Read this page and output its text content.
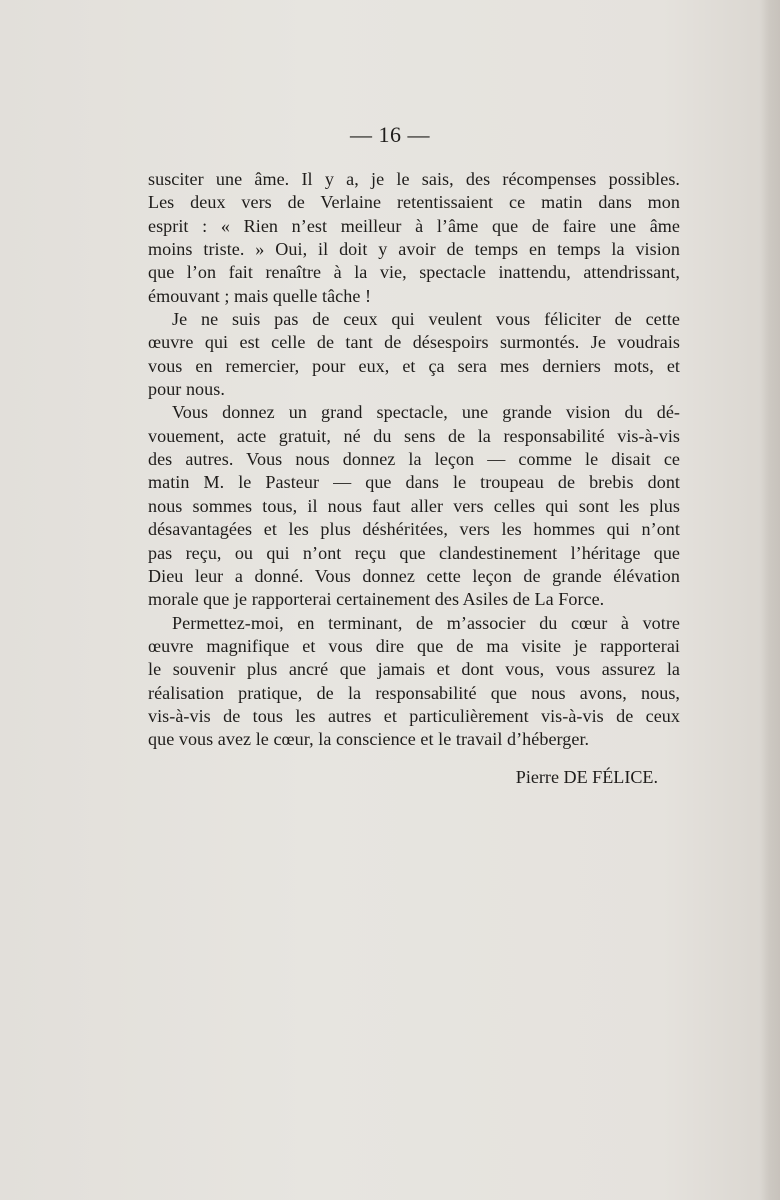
— 16 —
susciter une âme. Il y a, je le sais, des récompenses possibles.
Les deux vers de Verlaine retentissaient ce matin dans mon
esprit : « Rien n’est meilleur à l’âme que de faire une âme
moins triste. » Oui, il doit y avoir de temps en temps la vision
que l’on fait renaître à la vie, spectacle inattendu, attendrissant,
émouvant ; mais quelle tâche !
Je ne suis pas de ceux qui veulent vous féliciter de cette
œuvre qui est celle de tant de désespoirs surmontés. Je voudrais
vous en remercier, pour eux, et ça sera mes derniers mots, et
pour nous.
Vous donnez un grand spectacle, une grande vision du dé-
vouement, acte gratuit, né du sens de la responsabilité vis-à-vis
des autres. Vous nous donnez la leçon — comme le disait ce
matin M. le Pasteur — que dans le troupeau de brebis dont
nous sommes tous, il nous faut aller vers celles qui sont les plus
désavantagées et les plus déshéritées, vers les hommes qui n’ont
pas reçu, ou qui n’ont reçu que clandestinement l’héritage que
Dieu leur a donné. Vous donnez cette leçon de grande élévation
morale que je rapporterai certainement des Asiles de La Force.
Permettez-moi, en terminant, de m’associer du cœur à votre
œuvre magnifique et vous dire que de ma visite je rapporterai
le souvenir plus ancré que jamais et dont vous, vous assurez la
réalisation pratique, de la responsabilité que nous avons, nous,
vis-à-vis de tous les autres et particulièrement vis-à-vis de ceux
que vous avez le cœur, la conscience et le travail d’héberger.
Pierre DE FÉLICE.
